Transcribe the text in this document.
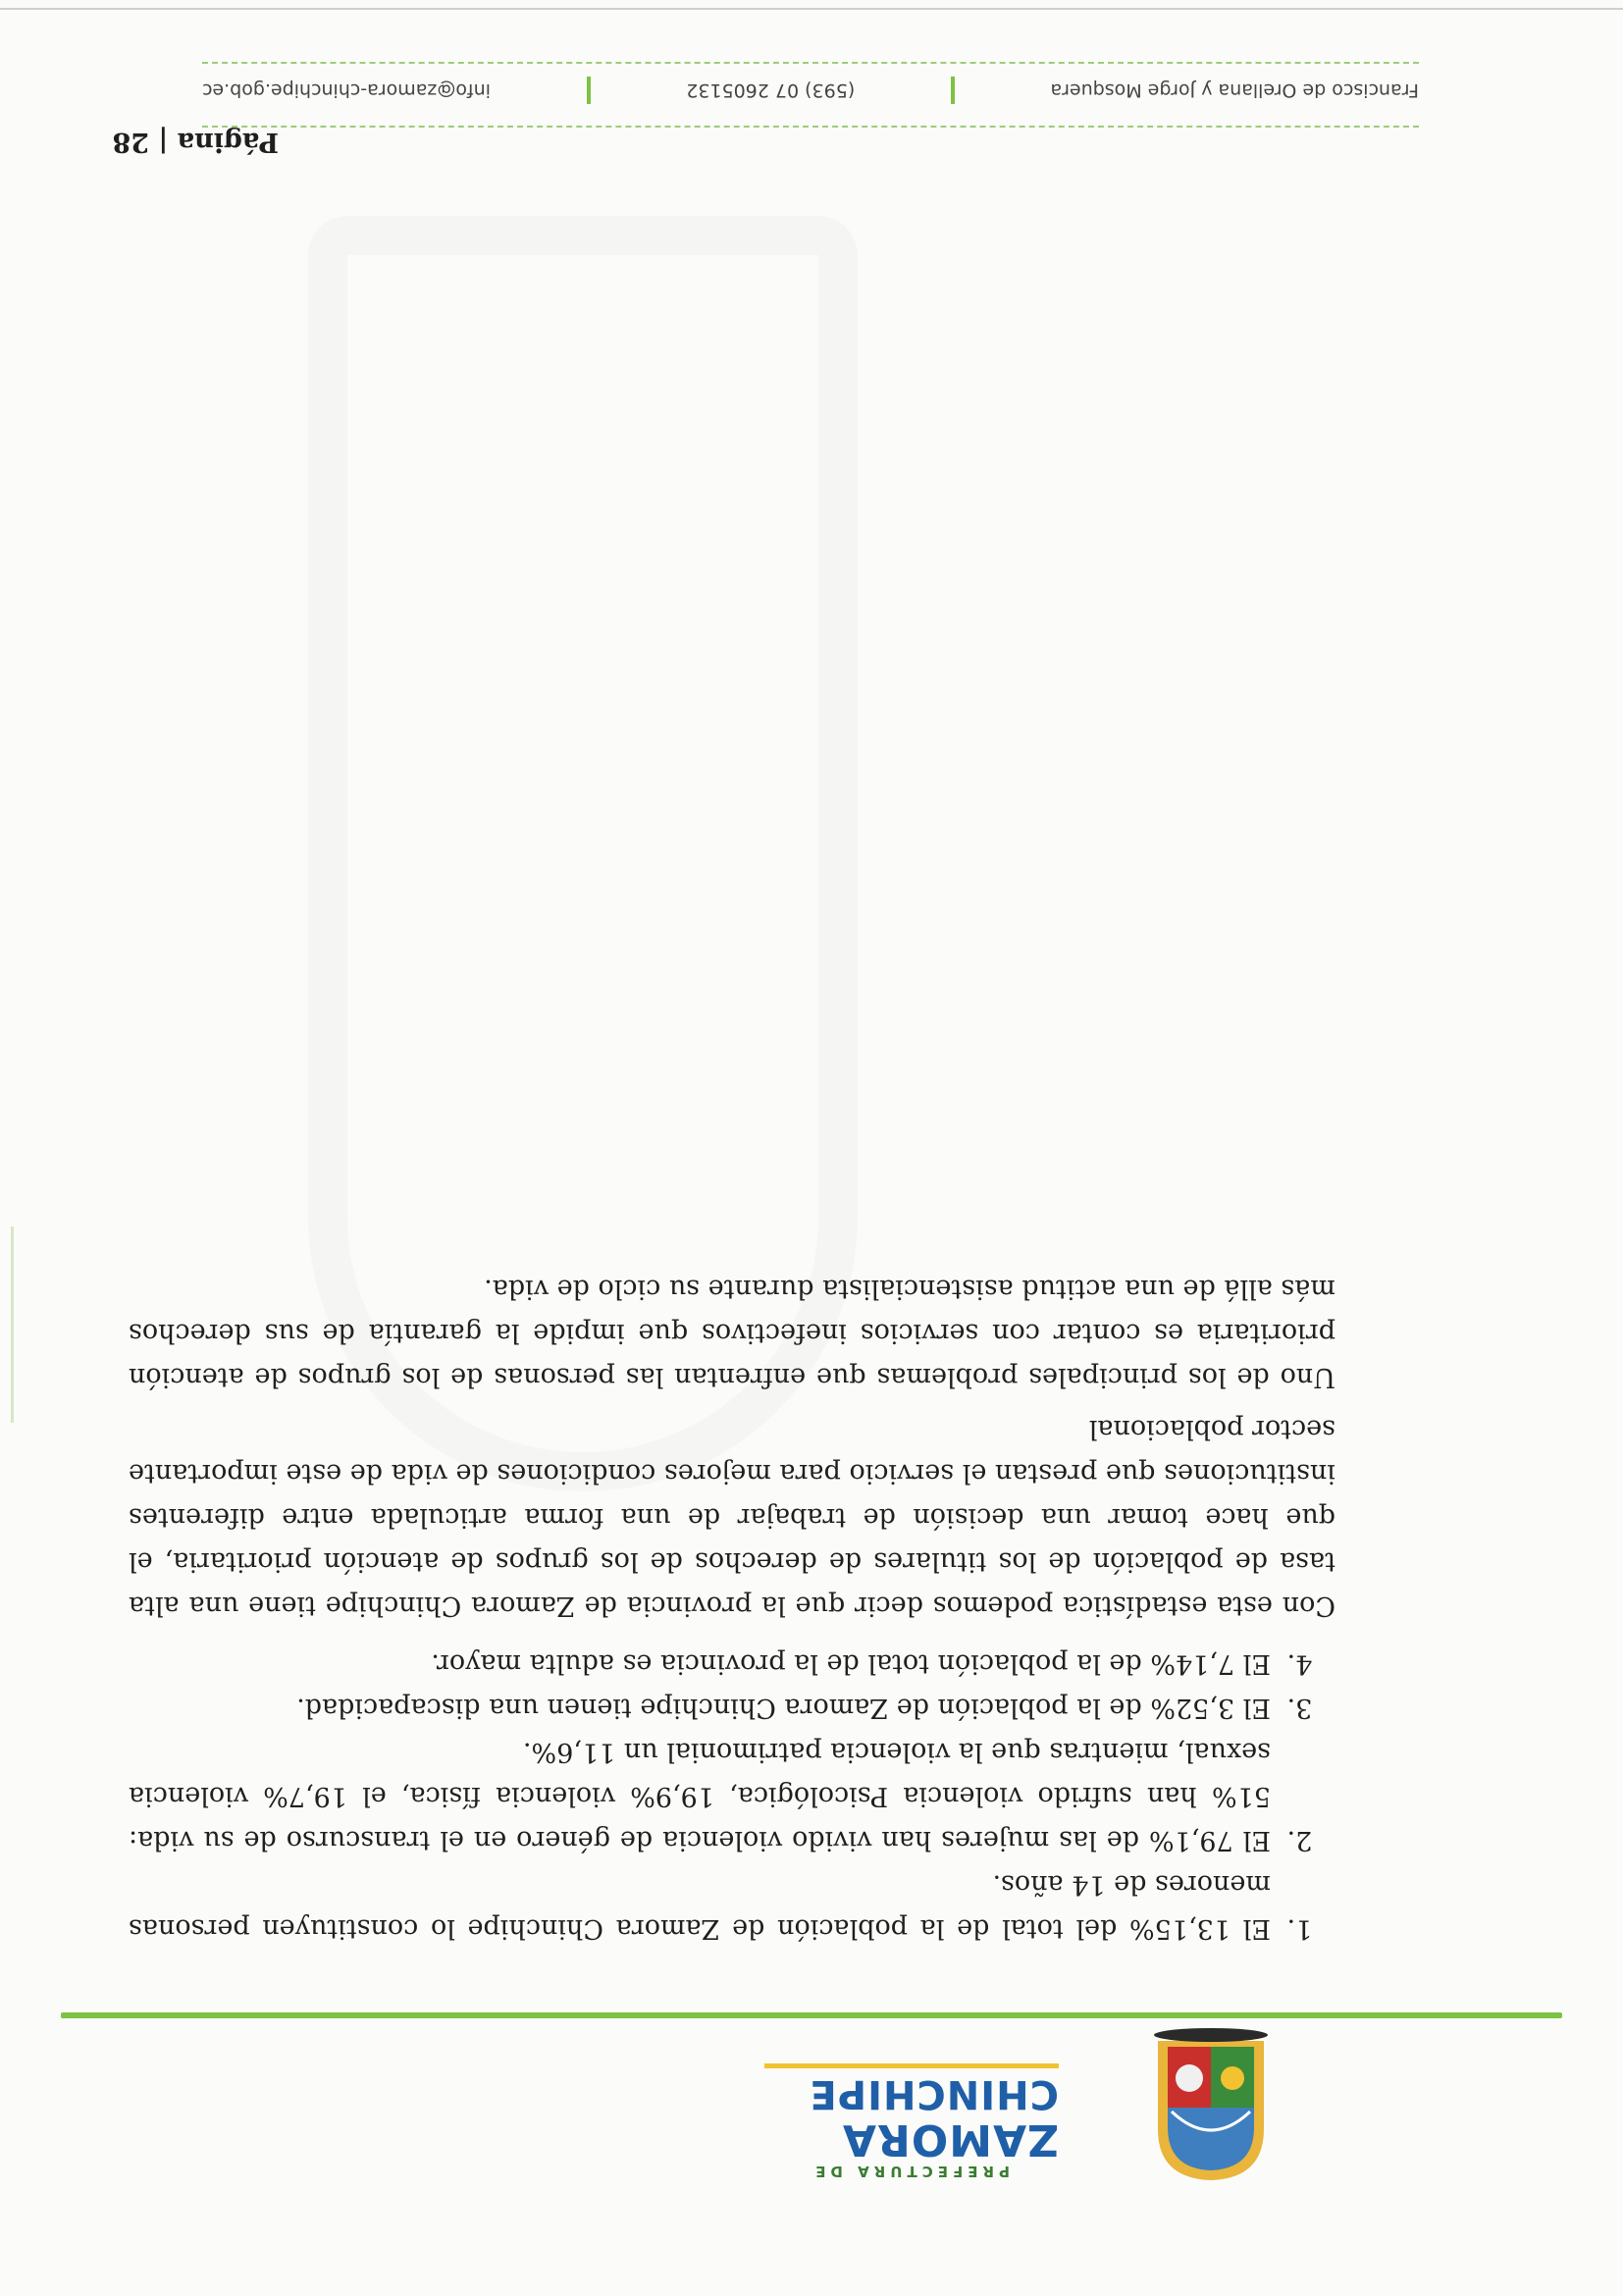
PREFECTURA DE
ZAMORA
CHINCHIPE
1. El 13,15% del total de la población de Zamora Chinchipe lo constituyen personas menores de 14 años.
2. El 79,1% de las mujeres han vivido violencia de género en el transcurso de su vida: 51% han sufrido violencia Psicológica, 19,9% violencia física, el 19,7% violencia sexual, mientras que la violencia patrimonial un 11,6%.
3. El 3,52% de la población de Zamora Chinchipe tienen una discapacidad.
4. El 7,14% de la población total de la provincia es adulta mayor.

Con esta estadística podemos decir que la provincia de Zamora Chinchipe tiene una alta tasa de población de los titulares de derechos de los grupos de atención prioritaria, el que hace tomar una decisión de trabajar de una forma articulada entre diferentes instituciones que prestan el servicio para mejores condiciones de vida de este importante sector poblacional

Uno de los principales problemas que enfrentan las personas de los grupos de atención prioritaria es contar con servicios inefectivos que impide la garantía de sus derechos más allá de una actitud asistencialista durante su ciclo de vida.

Página | 28
Francisco de Orellana y Jorge Mosquera
(593) 07 2605132
info@zamora-chinchipe.gob.ec
